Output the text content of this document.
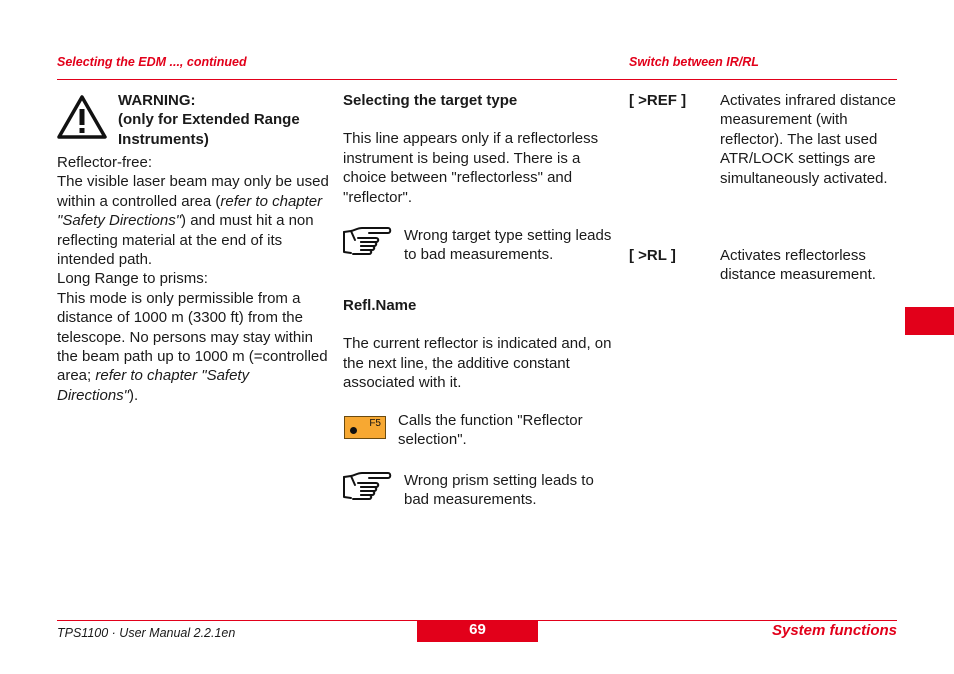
Selecting the EDM ..., continued	Switch between IR/RL
WARNING:
(only for Extended Range
Instruments)
Reflector-free:
The visible laser beam may only be used within a controlled area (refer to chapter "Safety Directions") and must hit a non reflecting material at the end of its intended path.
Long Range to prisms:
This mode is only permissible from a distance of 1000 m (3300 ft) from the telescope. No persons may stay within the beam path up to 1000 m (=controlled area; refer to chapter "Safety Directions").
Selecting the target type
This line appears only if a reflectorless instrument is being used. There is a choice between "reflectorless" and "reflector".
Wrong target type setting leads to bad measurements.
Refl.Name
The current reflector is indicated and, on the next line, the additive constant associated with it.
F5 Calls the function "Reflector selection".
Wrong prism setting leads to bad measurements.
[ >REF ] Activates infrared distance measurement (with reflector). The last used ATR/LOCK settings are simultaneously activated.
[ >RL ]	Activates reflectorless distance measurement.
69
TPS1100 · User Manual 2.2.1en	System functions
